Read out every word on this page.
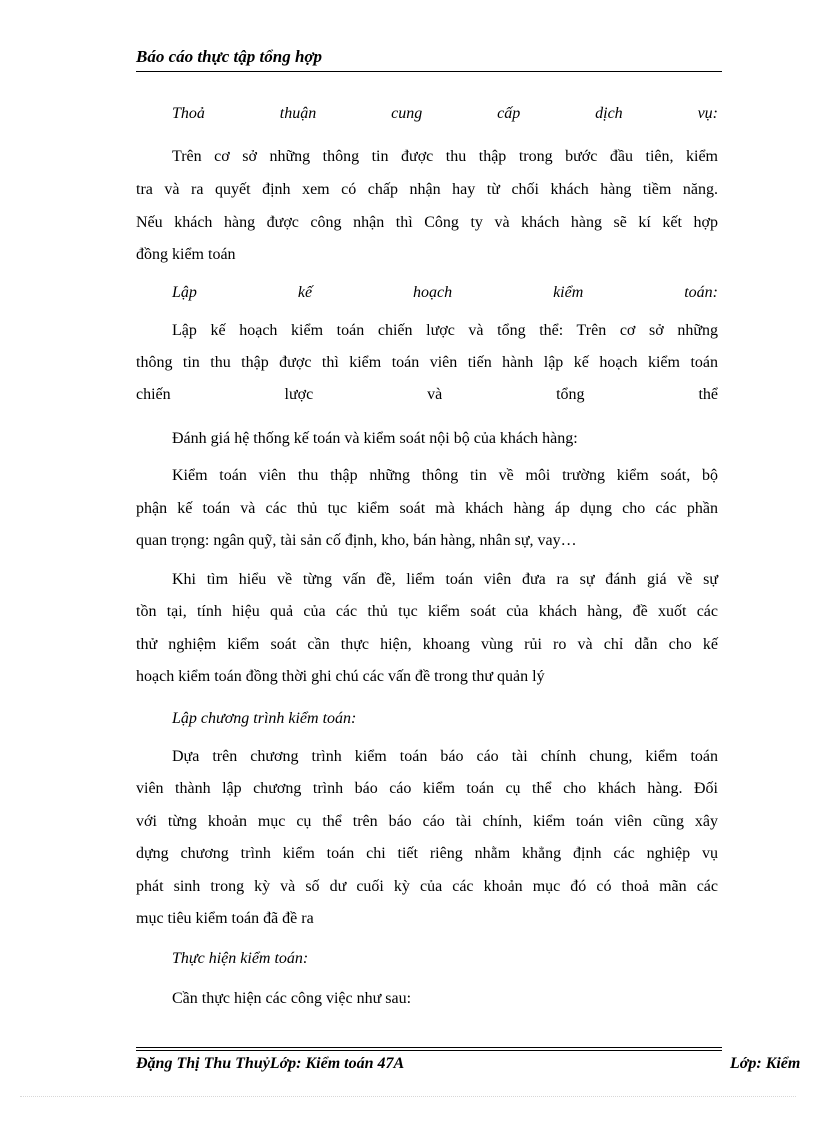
Báo cáo thực tập tổng hợp
Thoả thuận cung cấp dịch vụ:
Trên cơ sở những thông tin được thu thập trong bước đầu tiên, kiểm
tra và ra quyết định xem có chấp nhận hay từ chối khách hàng tiềm năng.
Nếu khách hàng được công nhận thì Công ty và khách hàng sẽ kí kết hợp
đồng kiểm toán
Lập kế hoạch kiểm toán:
Lập kế hoạch kiểm toán chiến lược và tổng thể: Trên cơ sở những
thông tin thu thập được thì kiểm toán viên tiến hành lập kế hoạch kiểm toán
chiến lược và tổng thể
Đánh giá hệ thống kế toán và kiểm soát nội bộ của khách hàng:
Kiểm toán viên thu thập những thông tin về môi trường kiểm soát, bộ
phận kế toán và các thủ tục kiểm soát mà khách hàng áp dụng cho các phần
quan trọng: ngân quỹ, tài sản cố định, kho, bán hàng, nhân sự, vay…
Khi tìm hiểu về từng vấn đề, liểm toán viên đưa ra sự đánh giá về sự
tồn tại, tính hiệu quả của các thủ tục kiểm soát của khách hàng, đề xuốt các
thử nghiệm kiểm soát cần thực hiện, khoang vùng rủi ro và chỉ dẫn cho kế
hoạch kiểm toán đồng thời ghi chú các vấn đề trong thư quản lý
Lập chương trình kiểm toán:
Dựa trên chương trình kiểm toán báo cáo tài chính chung, kiểm toán
viên thành lập chương trình báo cáo kiểm toán cụ thể cho khách hàng. Đối
với từng khoản mục cụ thể trên báo cáo tài chính, kiểm toán viên cũng xây
dựng chương trình kiểm toán chi tiết riêng nhằm khẳng định các nghiệp vụ
phát sinh trong kỳ và số dư cuối kỳ của các khoản mục đó có thoả mãn các
mục tiêu kiểm toán đã đề ra
Thực hiện kiểm toán:
Cần thực hiện các công việc như sau:
Đặng Thị Thu ThuỷLớp: Kiểm toán 47A	Lớp: Kiểm
